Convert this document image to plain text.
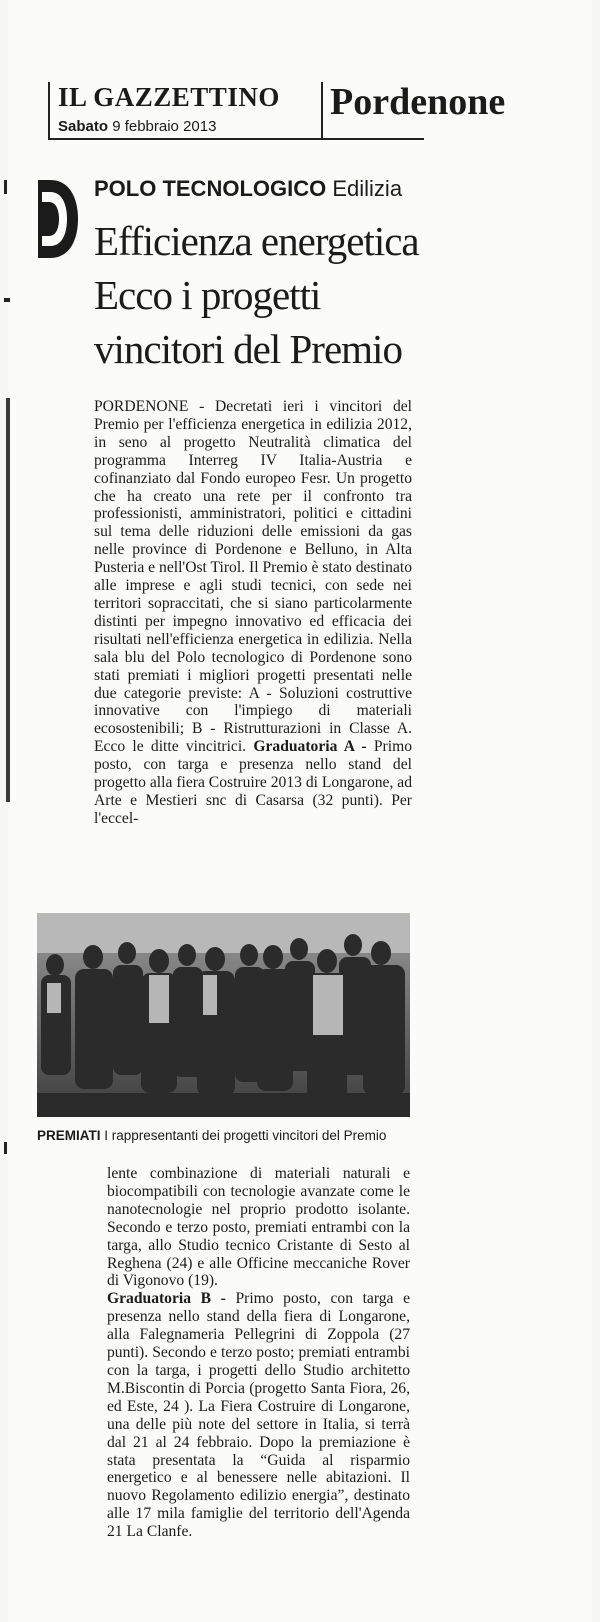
IL GAZZETTINO
Sabato 9 febbraio 2013
Pordenone
POLO TECNOLOGICO Edilizia
Efficienza energetica
Ecco i progetti
vincitori del Premio

PORDENONE - Decretati ieri i vincitori del Premio per l'efficienza energetica in edilizia 2012, in seno al progetto Neutralità climatica del programma Interreg IV Italia-Austria e cofinanziato dal Fondo europeo Fesr. Un progetto che ha creato una rete per il confronto tra professionisti, amministratori, politici e cittadini sul tema delle riduzioni delle emissioni da gas nelle province di Pordenone e Belluno, in Alta Pusteria e nell'Ost Tirol. Il Premio è stato destinato alle imprese e agli studi tecnici, con sede nei territori sopraccitati, che si siano particolarmente distinti per impegno innovativo ed efficacia dei risultati nell'efficienza energetica in edilizia. Nella sala blu del Polo tecnologico di Pordenone sono stati premiati i migliori progetti presentati nelle due categorie previste: A - Soluzioni costruttive innovative con l'impiego di materiali ecosostenibili; B - Ristrutturazioni in Classe A. Ecco le ditte vincitrici. Graduatoria A - Primo posto, con targa e presenza nello stand del progetto alla fiera Costruire 2013 di Longarone, ad Arte e Mestieri snc di Casarsa (32 punti). Per l'eccel-

PREMIATI I rappresentanti dei progetti vincitori del Premio

lente combinazione di materiali naturali e biocompatibili con tecnologie avanzate come le nanotecnologie nel proprio prodotto isolante. Secondo e terzo posto, premiati entrambi con la targa, allo Studio tecnico Cristante di Sesto al Reghena (24) e alle Officine meccaniche Rover di Vigonovo (19).

Graduatoria B - Primo posto, con targa e presenza nello stand della fiera di Longarone, alla Falegnameria Pellegrini di Zoppola (27 punti). Secondo e terzo posto; premiati entrambi con la targa, i progetti dello Studio architetto M.Biscontin di Porcia (progetto Santa Fiora, 26, ed Este, 24 ). La Fiera Costruire di Longarone, una delle più note del settore in Italia, si terrà dal 21 al 24 febbraio. Dopo la premiazione è stata presentata la “Guida al risparmio energetico e al benessere nelle abitazioni. Il nuovo Regolamento edilizio energia”, destinato alle 17 mila famiglie del territorio dell'Agenda 21 La Clanfe.
